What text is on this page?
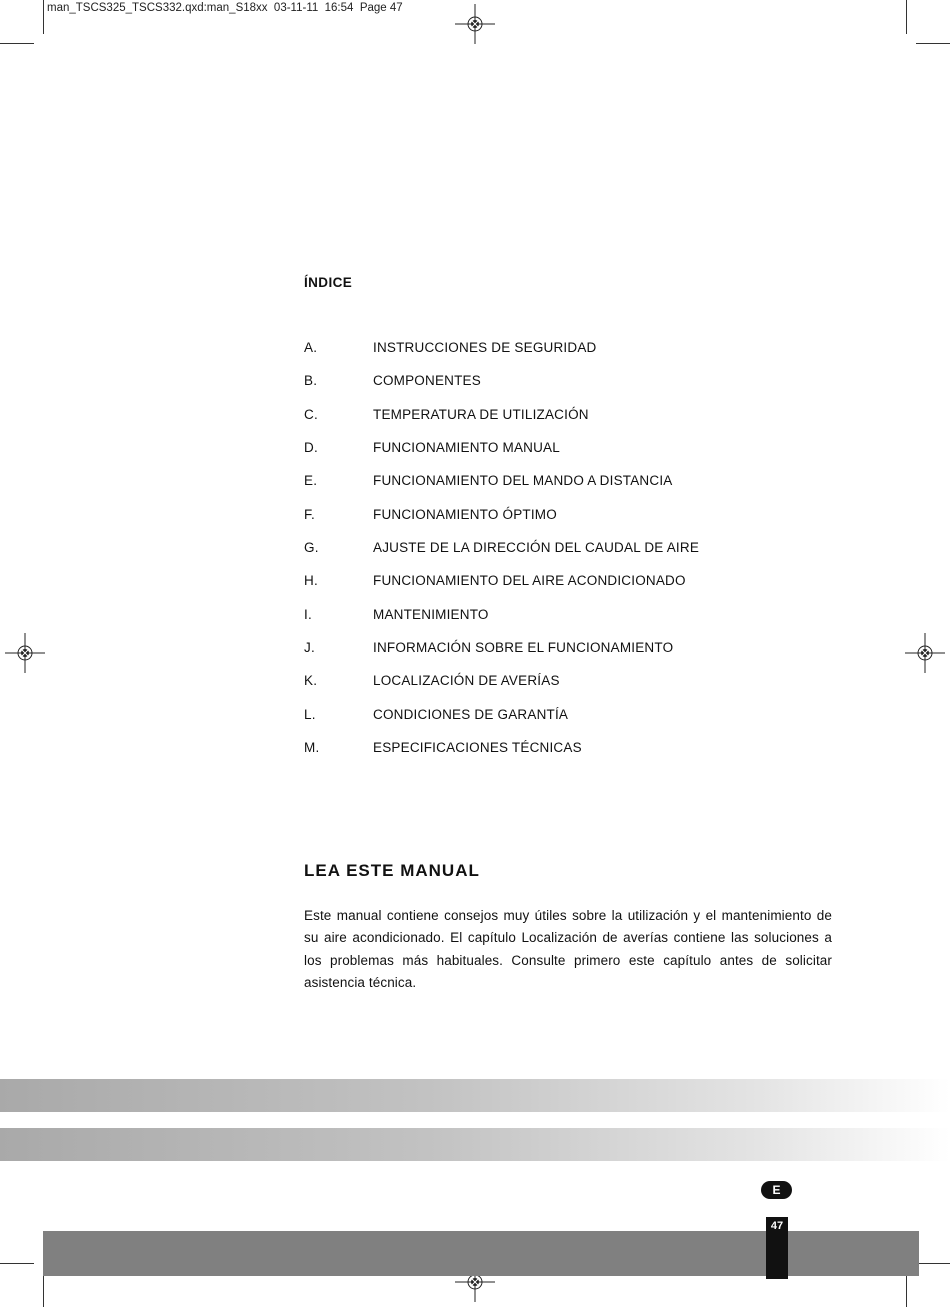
man_TSCS325_TSCS332.qxd:man_S18xx  03-11-11  16:54  Page 47
ÍNDICE
A.	INSTRUCCIONES DE SEGURIDAD
B.	COMPONENTES
C.	TEMPERATURA DE UTILIZACIÓN
D.	FUNCIONAMIENTO MANUAL
E.	FUNCIONAMIENTO DEL MANDO A DISTANCIA
F.	FUNCIONAMIENTO ÓPTIMO
G.	AJUSTE DE LA DIRECCIÓN DEL CAUDAL DE AIRE
H.	FUNCIONAMIENTO DEL AIRE ACONDICIONADO
I.	MANTENIMIENTO
J.	INFORMACIÓN SOBRE EL FUNCIONAMIENTO
K.	LOCALIZACIÓN DE AVERÍAS
L.	CONDICIONES DE GARANTÍA
M.	ESPECIFICACIONES TÉCNICAS
LEA ESTE MANUAL
Este manual contiene consejos muy útiles sobre la utilización y el mantenimiento de su aire acondicionado. El capítulo Localización de averías contiene las soluciones a los problemas más habituales. Consulte primero este capítulo antes de solicitar asistencia técnica.
E
47
